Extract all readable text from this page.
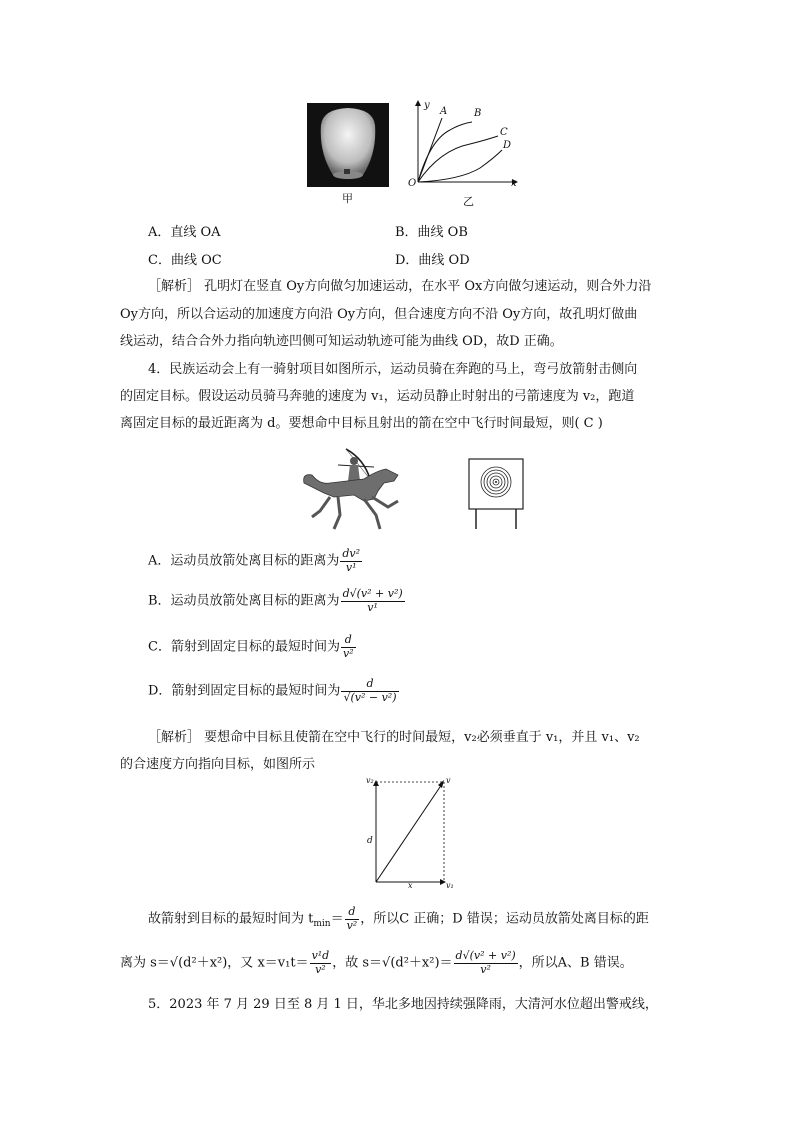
甲
y
x
O
A	B
C
D
乙
A．直线 OA	B．曲线 OB
C．曲线 OC	D．曲线 OD
［解析］ 孔明灯在竖直 Oy方向做匀加速运动，在水平 Ox方向做匀速运动，则合外力沿
Oy方向，所以合运动的加速度方向沿 Oy方向，但合速度方向不沿 Oy方向，故孔明灯做曲
线运动，结合合外力指向轨迹凹侧可知运动轨迹可能为曲线 OD，故D 正确。
4．民族运动会上有一骑射项目如图所示，运动员骑在奔跑的马上，弯弓放箭射击侧向
的固定目标。假设运动员骑马奔驰的速度为 v₁，运动员静止时射出的弓箭速度为 v₂，跑道
离固定目标的最近距离为 d。要想命中目标且射出的箭在空中飞行时间最短，则( C )
A．运动员放箭处离目标的距离为 $\frac{\text{dv²}}{\text{v¹}}$
B．运动员放箭处离目标的距离为 $\frac{\text{d√(v² + v²)}}{\text{v¹}}$
C．箭射到固定目标的最短时间为 $\frac{d}{\text{v²}}$
D．箭射到固定目标的最短时间为 $\frac{d}{\text{√(v² − v²)}}$
［解析］ 要想命中目标且使箭在空中飞行的时间最短，v₂必须垂直于 v₁，并且 v₁、v₂
的合速度方向指向目标，如图所示
v₂	v
d
x	v₁
故箭射到目标的最短时间为 $t_{min}= \frac{d}{\text{v²}}$ ，所以C 正确；D 错误；运动员放箭处离目标的距
离为 s＝√(d²＋x²)，又 $x=v_1t= \frac{\text{v¹d}}{\text{v²}}$ ，故 $s=√(d^2+x^2)= \frac{\text{d√(v² + v²)}}{\text{v²}}$ ，所以A、B 错误。
5．2023 年 7 月 29 日至 8 月 1 日，华北多地因持续强降雨，大清河水位超出警戒线，
